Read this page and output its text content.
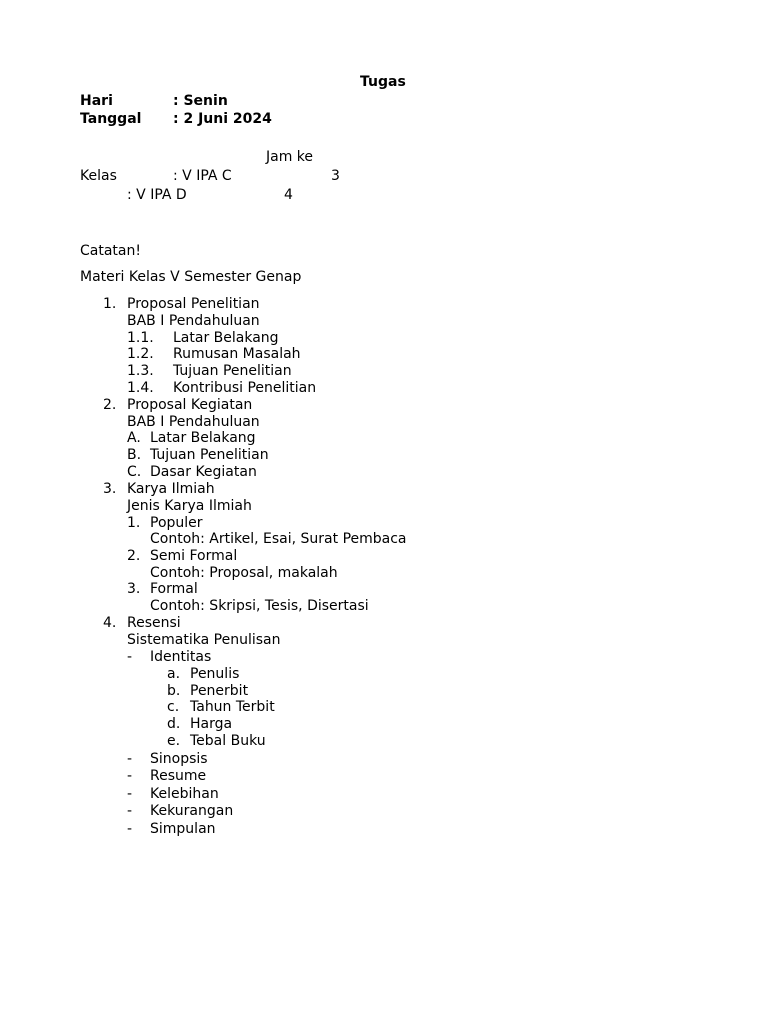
Tugas
Hari	: Senin
Tanggal : 2 Juni 2024
Jam ke
Kelas	: V IPA C	3
: V IPA D	4
Catatan!
Materi Kelas V Semester Genap
1. Proposal Penelitian
BAB I Pendahuluan
1.1. Latar Belakang
1.2. Rumusan Masalah
1.3. Tujuan Penelitian
1.4. Kontribusi Penelitian
2. Proposal Kegiatan
BAB I Pendahuluan
A. Latar Belakang
B. Tujuan Penelitian
C. Dasar Kegiatan
3. Karya Ilmiah
Jenis Karya Ilmiah
1. Populer
Contoh: Artikel, Esai, Surat Pembaca
2. Semi Formal
Contoh: Proposal, makalah
3. Formal
Contoh: Skripsi, Tesis, Disertasi
4. Resensi
Sistematika Penulisan
- Identitas
a. Penulis
b. Penerbit
c. Tahun Terbit
d. Harga
e. Tebal Buku
- Sinopsis
- Resume
- Kelebihan
- Kekurangan
- Simpulan
